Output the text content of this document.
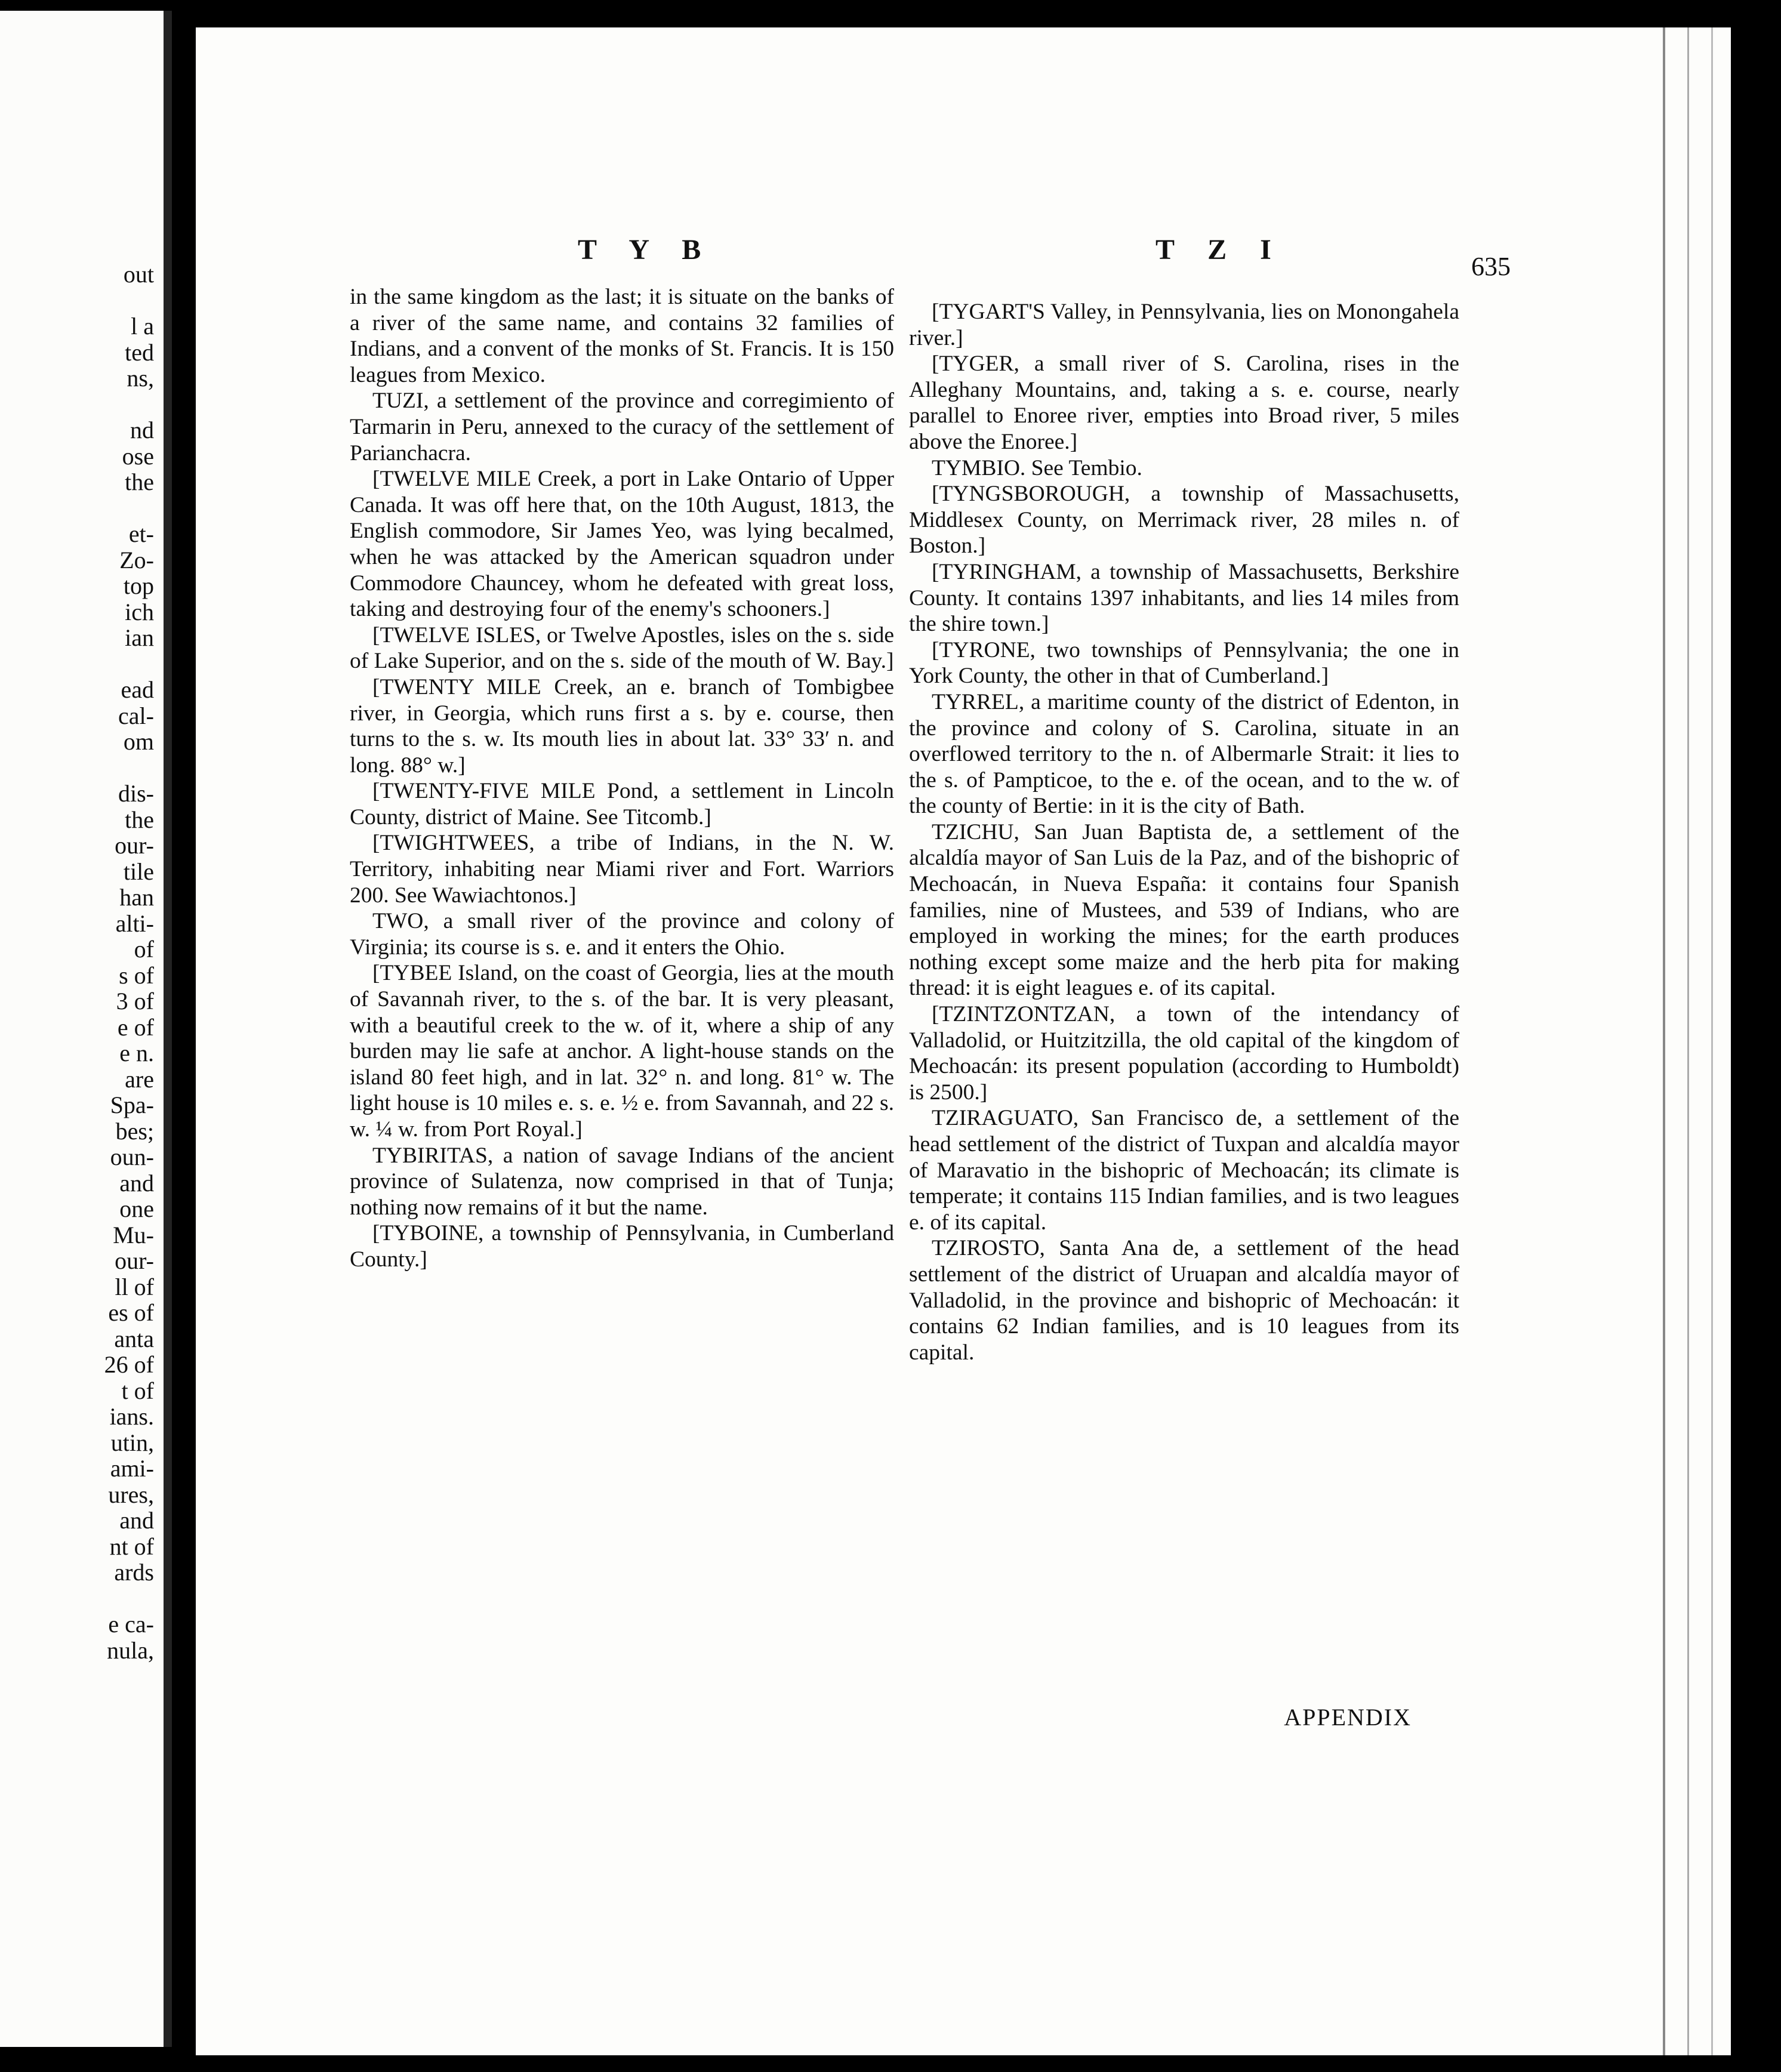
out
l a
ted
ns,
nd
ose
the
et-
Zo-
top
ich
ian
ead
cal-
om
dis-
the
our-
tile
han
alti-
of
s of
3 of
e of
e n.
are
Spa-
bes;
oun-
and
one
Mu-
our-
ll of
es of
anta
26 of
t of
ians.
utin,
ami-
ures,
and
nt of
ards
e ca-
nula,
T Y B	T Z I
635

in the same kingdom as the last; it is situate on the banks of a river of the same name, and contains 32 families of Indians, and a convent of the monks of St. Francis. It is 150 leagues from Mexico.

TUZI, a settlement of the province and corregimiento of Tarmarin in Peru, annexed to the curacy of the settlement of Parianchacra.

[TWELVE MILE Creek, a port in Lake Ontario of Upper Canada. It was off here that, on the 10th August, 1813, the English commodore, Sir James Yeo, was lying becalmed, when he was attacked by the American squadron under Commodore Chauncey, whom he defeated with great loss, taking and destroying four of the enemy's schooners.]

[TWELVE ISLES, or Twelve Apostles, isles on the s. side of Lake Superior, and on the s. side of the mouth of W. Bay.]

[TWENTY MILE Creek, an e. branch of Tombigbee river, in Georgia, which runs first a s. by e. course, then turns to the s. w. Its mouth lies in about lat. 33° 33′ n. and long. 88° w.]

[TWENTY-FIVE MILE Pond, a settlement in Lincoln County, district of Maine. See Titcomb.]

[TWIGHTWEES, a tribe of Indians, in the N. W. Territory, inhabiting near Miami river and Fort. Warriors 200. See Wawiachtonos.]

TWO, a small river of the province and colony of Virginia; its course is s. e. and it enters the Ohio.

[TYBEE Island, on the coast of Georgia, lies at the mouth of Savannah river, to the s. of the bar. It is very pleasant, with a beautiful creek to the w. of it, where a ship of any burden may lie safe at anchor. A light-house stands on the island 80 feet high, and in lat. 32° n. and long. 81° w. The light house is 10 miles e. s. e. ½ e. from Savannah, and 22 s. w. ¼ w. from Port Royal.]

TYBIRITAS, a nation of savage Indians of the ancient province of Sulatenza, now comprised in that of Tunja; nothing now remains of it but the name.

[TYBOINE, a township of Pennsylvania, in Cumberland County.]

[TYGART'S Valley, in Pennsylvania, lies on Monongahela river.]

[TYGER, a small river of S. Carolina, rises in the Alleghany Mountains, and, taking a s. e. course, nearly parallel to Enoree river, empties into Broad river, 5 miles above the Enoree.]

TYMBIO. See Tembio.

[TYNGSBOROUGH, a township of Massachusetts, Middlesex County, on Merrimack river, 28 miles n. of Boston.]

[TYRINGHAM, a township of Massachusetts, Berkshire County. It contains 1397 inhabitants, and lies 14 miles from the shire town.]

[TYRONE, two townships of Pennsylvania; the one in York County, the other in that of Cumberland.]

TYRREL, a maritime county of the district of Edenton, in the province and colony of S. Carolina, situate in an overflowed territory to the n. of Albermarle Strait: it lies to the s. of Pampticoe, to the e. of the ocean, and to the w. of the county of Bertie: in it is the city of Bath.

TZICHU, San Juan Baptista de, a settlement of the alcaldía mayor of San Luis de la Paz, and of the bishopric of Mechoacán, in Nueva España: it contains four Spanish families, nine of Mustees, and 539 of Indians, who are employed in working the mines; for the earth produces nothing except some maize and the herb pita for making thread: it is eight leagues e. of its capital.

[TZINTZONTZAN, a town of the intendancy of Valladolid, or Huitzitzilla, the old capital of the kingdom of Mechoacán: its present population (according to Humboldt) is 2500.]

TZIRAGUATO, San Francisco de, a settlement of the head settlement of the district of Tuxpan and alcaldía mayor of Maravatio in the bishopric of Mechoacán; its climate is temperate; it contains 115 Indian families, and is two leagues e. of its capital.

TZIROSTO, Santa Ana de, a settlement of the head settlement of the district of Uruapan and alcaldía mayor of Valladolid, in the province and bishopric of Mechoacán: it contains 62 Indian families, and is 10 leagues from its capital.

APPENDIX
